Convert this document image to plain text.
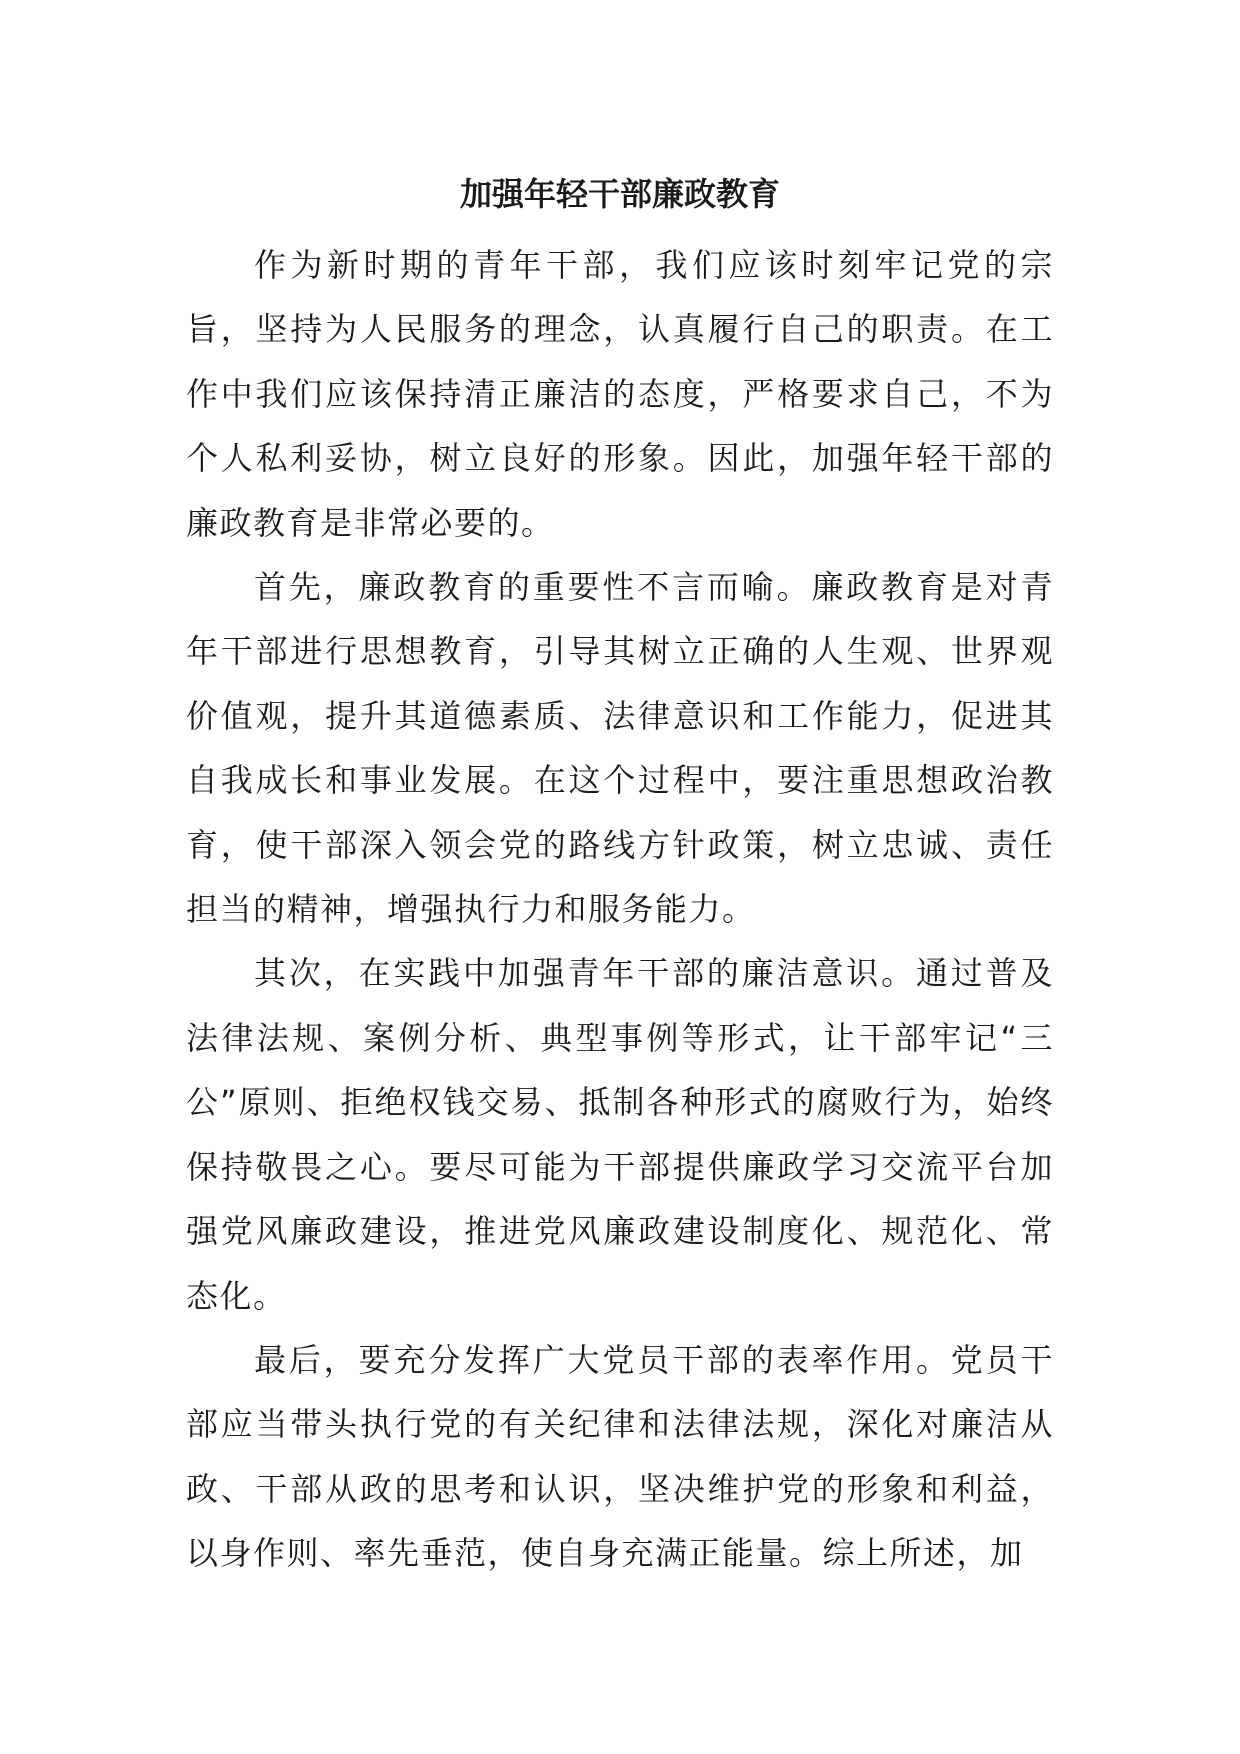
加强年轻干部廉政教育

作为新时期的青年干部，我们应该时刻牢记党的宗旨，坚持为人民服务的理念，认真履行自己的职责。在工作中我们应该保持清正廉洁的态度，严格要求自己，不为个人私利妥协，树立良好的形象。因此，加强年轻干部的廉政教育是非常必要的。

首先，廉政教育的重要性不言而喻。廉政教育是对青年干部进行思想教育，引导其树立正确的人生观、世界观价值观，提升其道德素质、法律意识和工作能力，促进其自我成长和事业发展。在这个过程中，要注重思想政治教育，使干部深入领会党的路线方针政策，树立忠诚、责任担当的精神，增强执行力和服务能力。

其次，在实践中加强青年干部的廉洁意识。通过普及法律法规、案例分析、典型事例等形式，让干部牢记“三公”原则、拒绝权钱交易、抵制各种形式的腐败行为，始终保持敬畏之心。要尽可能为干部提供廉政学习交流平台加强党风廉政建设，推进党风廉政建设制度化、规范化、常态化。

最后，要充分发挥广大党员干部的表率作用。党员干部应当带头执行党的有关纪律和法律法规，深化对廉洁从政、干部从政的思考和认识，坚决维护党的形象和利益，以身作则、率先垂范，使自身充满正能量。综上所述，加
